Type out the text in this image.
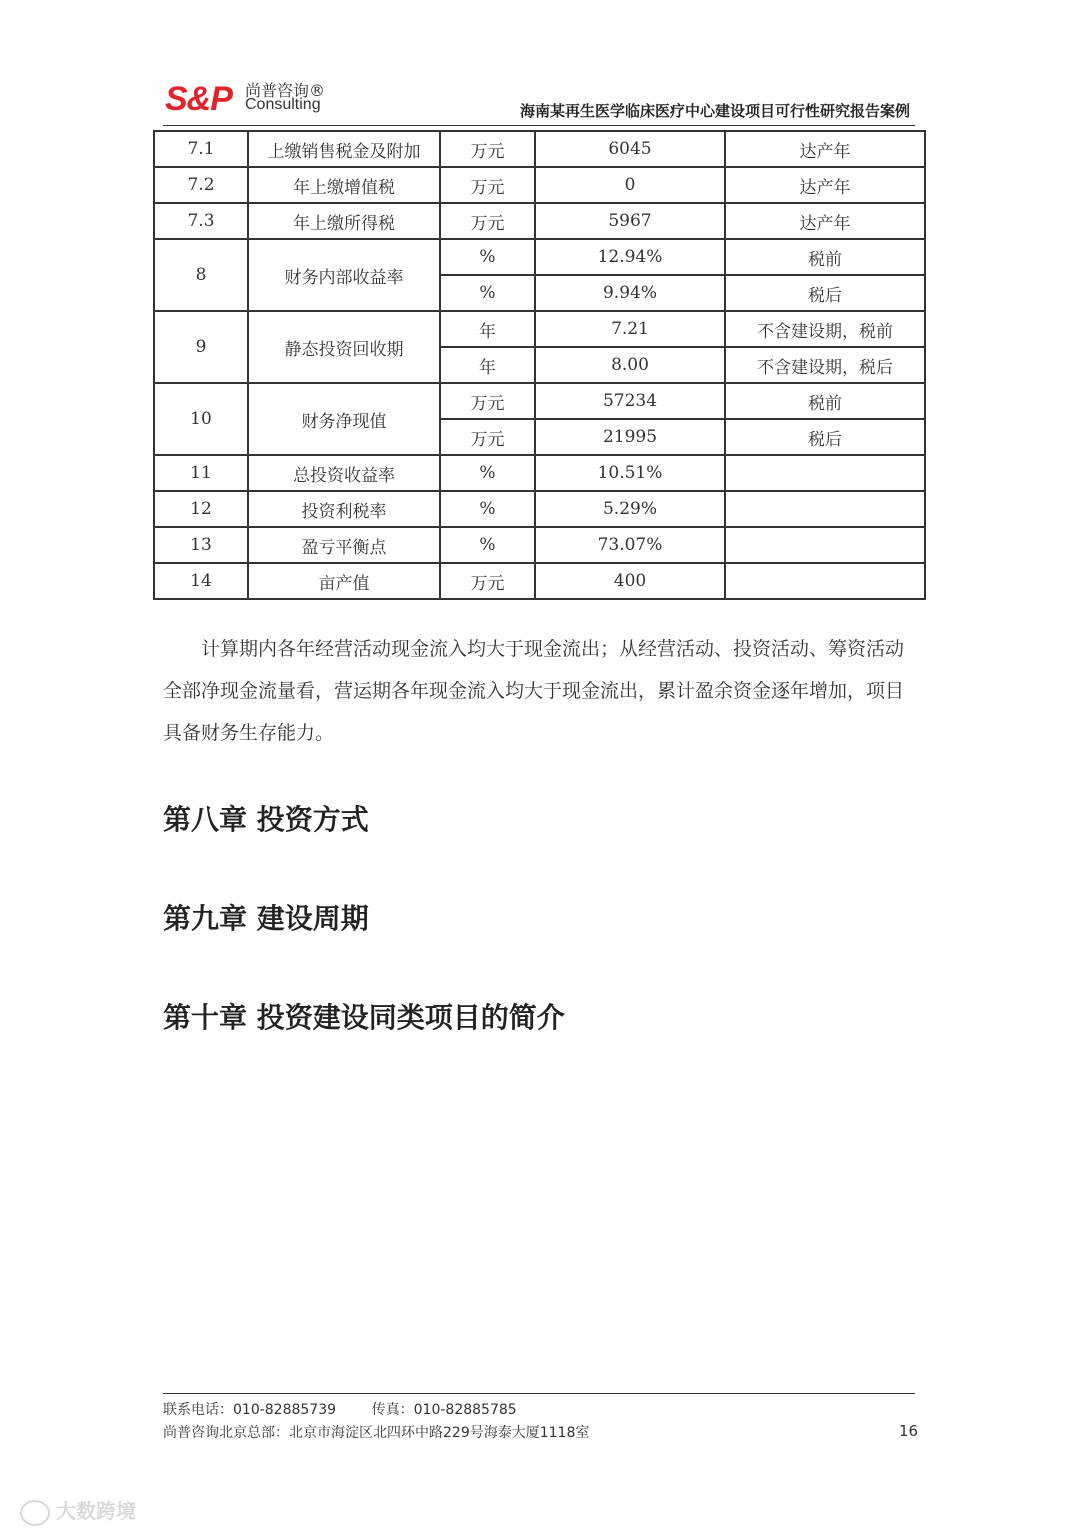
S&P 尚普咨询®
Consulting	海南某再生医学临床医疗中心建设项目可行性研究报告案例
7.1	上缴销售税金及附加	万元	6045	达产年
7.2	年上缴增值税	万元	0	达产年
7.3	年上缴所得税	万元	5967	达产年
8	财务内部收益率	%	12.94%	税前
		%	9.94%	税后
9	静态投资回收期	年	7.21	不含建设期，税前
		年	8.00	不含建设期，税后
10	财务净现值	万元	57234	税前
		万元	21995	税后
11	总投资收益率	%	10.51%	
12	投资利税率	%	5.29%	
13	盈亏平衡点	%	73.07%	
14	亩产值	万元	400	

计算期内各年经营活动现金流入均大于现金流出；从经营活动、投资活动、筹资活动全部净现金流量看，营运期各年现金流入均大于现金流出，累计盈余资金逐年增加，项目具备财务生存能力。

第八章 投资方式
第九章 建设周期
第十章 投资建设同类项目的简介
联系电话：010-82885739        传真：010-82885785
尚普咨询北京总部：北京市海淀区北四环中路229号海泰大厦1118室	16
大数跨境
